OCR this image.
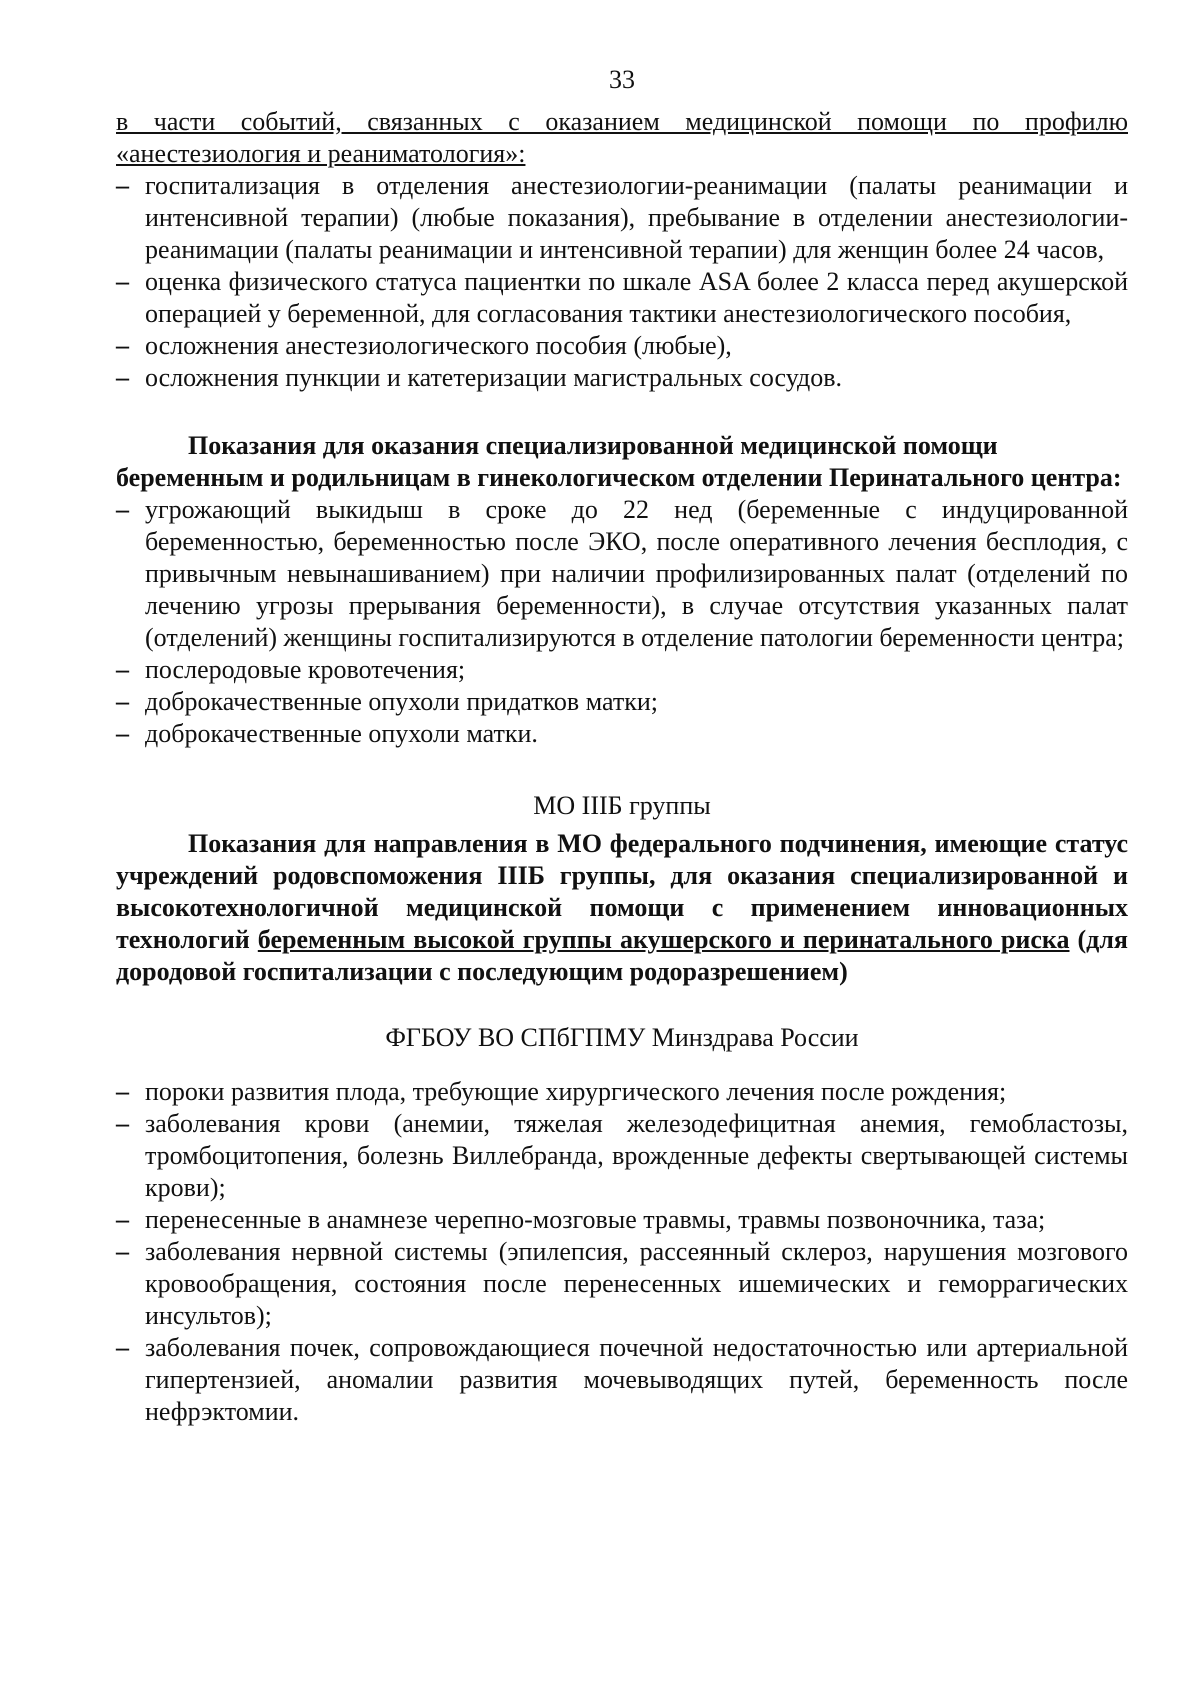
33

в части событий, связанных с оказанием медицинской помощи по профилю «анестезиология и реаниматология»:

– госпитализация в отделения анестезиологии-реанимации (палаты реанимации и интенсивной терапии) (любые показания), пребывание в отделении анестезиологии-реанимации (палаты реанимации и интенсивной терапии) для женщин более 24 часов,
– оценка физического статуса пациентки по шкале ASA более 2 класса перед акушерской операцией у беременной, для согласования тактики анестезиологического пособия,
– осложнения анестезиологического пособия (любые),
– осложнения пункции и катетеризации магистральных сосудов.

Показания для оказания специализированной медицинской помощи беременным и родильницам в гинекологическом отделении Перинатального центра:

– угрожающий выкидыш в сроке до 22 нед (беременные с индуцированной беременностью, беременностью после ЭКО, после оперативного лечения бесплодия, с привычным невынашиванием) при наличии профилизированных палат (отделений по лечению угрозы прерывания беременности), в случае отсутствия указанных палат (отделений) женщины госпитализируются в отделение патологии беременности центра;
– послеродовые кровотечения;
– доброкачественные опухоли придатков матки;
– доброкачественные опухоли матки.

МО IIIБ группы

Показания для направления в МО федерального подчинения, имеющие статус учреждений родовспоможения IIIБ группы, для оказания специализированной и высокотехнологичной медицинской помощи с применением инновационных технологий беременным высокой группы акушерского и перинатального риска (для дородовой госпитализации с последующим родоразрешением)

ФГБОУ ВО СПбГПМУ Минздрава России

– пороки развития плода, требующие хирургического лечения после рождения;
– заболевания крови (анемии, тяжелая железодефицитная анемия, гемобластозы, тромбоцитопения, болезнь Виллебранда, врожденные дефекты свертывающей системы крови);
– перенесенные в анамнезе черепно-мозговые травмы, травмы позвоночника, таза;
– заболевания нервной системы (эпилепсия, рассеянный склероз, нарушения мозгового кровообращения, состояния после перенесенных ишемических и геморрагических инсультов);
– заболевания почек, сопровождающиеся почечной недостаточностью или артериальной гипертензией, аномалии развития мочевыводящих путей, беременность после нефрэктомии.
